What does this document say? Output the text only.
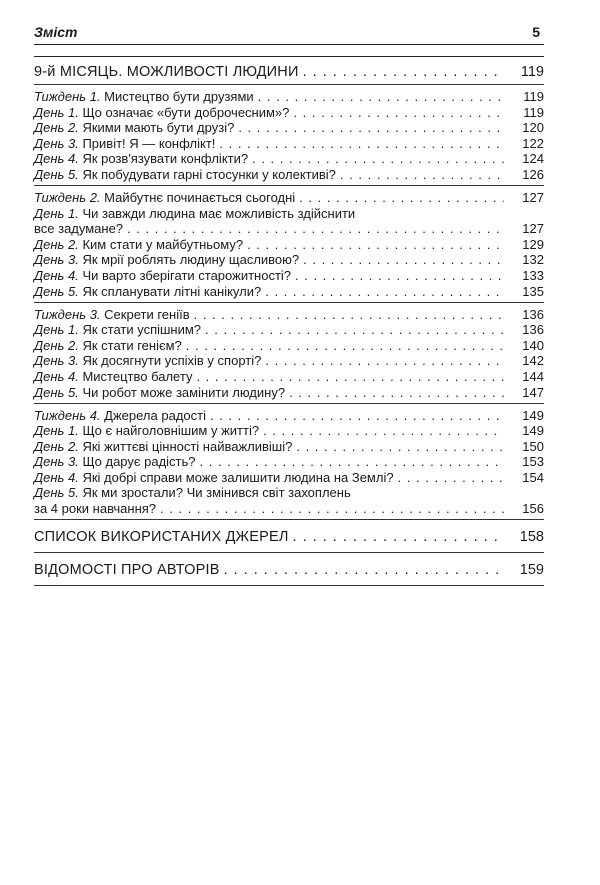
Зміст	5
9-й МІСЯЦЬ. МОЖЛИВОСТІ ЛЮДИНИ . . .	119
Тиждень 1. Мистецтво бути друзями . . .	119
День 1. Що означає «бути доброчесним»? . . .	119
День 2. Якими мають бути друзі? . . .	120
День 3. Привіт! Я — конфлікт! . . .	122
День 4. Як розв'язувати конфлікти? . . .	124
День 5. Як побудувати гарні стосунки у колективі? . . .	126
Тиждень 2. Майбутнє починається сьогодні . . .	127
День 1. Чи завжди людина має можливість здійснити
все задумане? . . .	127
День 2. Ким стати у майбутньому? . . .	129
День 3. Як мрії роблять людину щасливою? . . .	132
День 4. Чи варто зберігати старожитності? . . .	133
День 5. Як спланувати літні канікули? . . .	135
Тиждень 3. Секрети геніїв . . .	136
День 1. Як стати успішним? . . .	136
День 2. Як стати генієм? . . .	140
День 3. Як досягнути успіхів у спорті? . . .	142
День 4. Мистецтво балету . . .	144
День 5. Чи робот може замінити людину? . . .	147
Тиждень 4. Джерела радості . . .	149
День 1. Що є найголовнішим у житті? . . .	149
День 2. Які життєві цінності найважливіші? . . .	150
День 3. Що дарує радість? . . .	153
День 4. Які добрі справи може залишити людина на Землі? . . .	154
День 5. Як ми зростали? Чи змінився світ захоплень
за 4 роки навчання? . . .	156
СПИСОК ВИКОРИСТАНИХ ДЖЕРЕЛ . . .	158
ВІДОМОСТІ ПРО АВТОРІВ . . .	159
